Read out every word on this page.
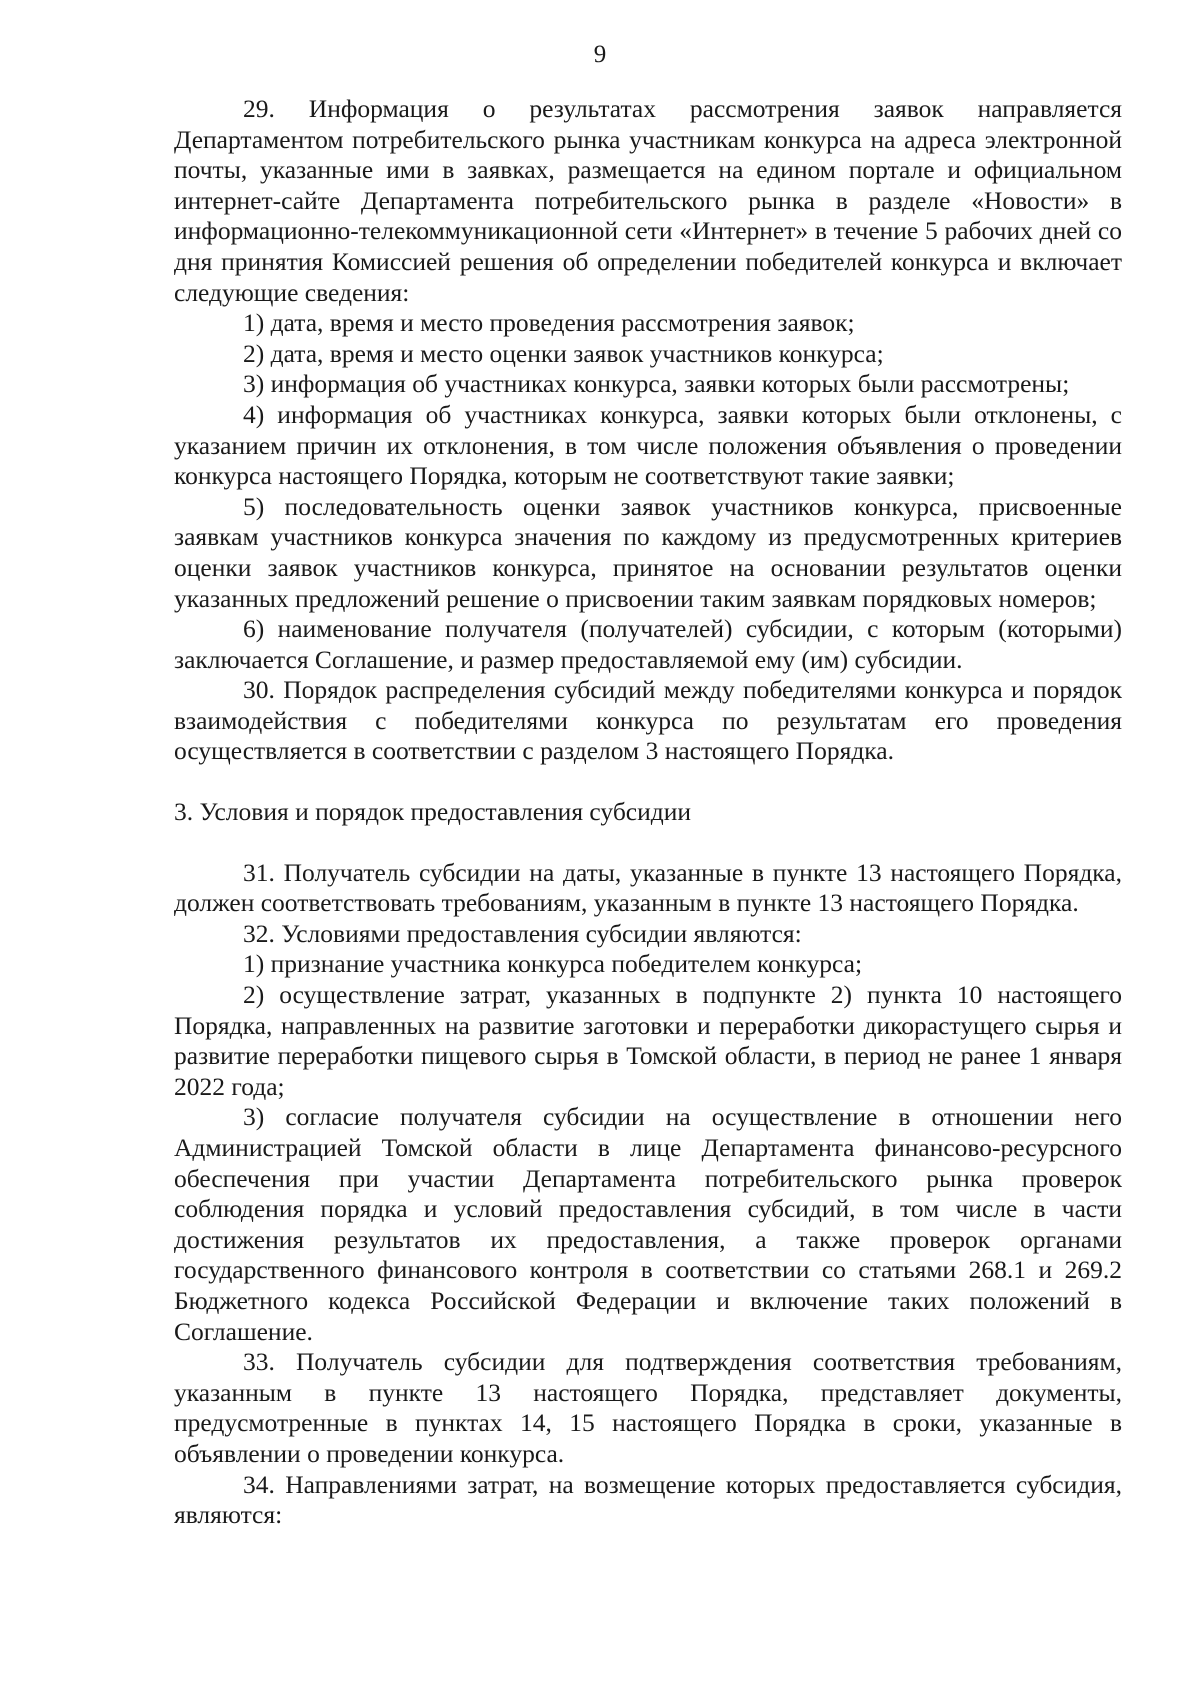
9

29. Информация о результатах рассмотрения заявок направляется Департаментом потребительского рынка участникам конкурса на адреса электронной почты, указанные ими в заявках, размещается на едином портале и официальном интернет-сайте Департамента потребительского рынка в разделе «Новости» в информационно-телекоммуникационной сети «Интернет» в течение 5 рабочих дней со дня принятия Комиссией решения об определении победителей конкурса и включает следующие сведения:

1) дата, время и место проведения рассмотрения заявок;

2) дата, время и место оценки заявок участников конкурса;

3) информация об участниках конкурса, заявки которых были рассмотрены;

4) информация об участниках конкурса, заявки которых были отклонены, с указанием причин их отклонения, в том числе положения объявления о проведении конкурса настоящего Порядка, которым не соответствуют такие заявки;

5) последовательность оценки заявок участников конкурса, присвоенные заявкам участников конкурса значения по каждому из предусмотренных критериев оценки заявок участников конкурса, принятое на основании результатов оценки указанных предложений решение о присвоении таким заявкам порядковых номеров;

6) наименование получателя (получателей) субсидии, с которым (которыми) заключается Соглашение, и размер предоставляемой ему (им) субсидии.

30. Порядок распределения субсидий между победителями конкурса и порядок взаимодействия с победителями конкурса по результатам его проведения осуществляется в соответствии с разделом 3 настоящего Порядка.

3. Условия и порядок предоставления субсидии

31. Получатель субсидии на даты, указанные в пункте 13 настоящего Порядка, должен соответствовать требованиям, указанным в пункте 13 настоящего Порядка.

32. Условиями предоставления субсидии являются:

1) признание участника конкурса победителем конкурса;

2) осуществление затрат, указанных в подпункте 2) пункта 10 настоящего Порядка, направленных на развитие заготовки и переработки дикорастущего сырья и развитие переработки пищевого сырья в Томской области, в период не ранее 1 января 2022 года;

3) согласие получателя субсидии на осуществление в отношении него Администрацией Томской области в лице Департамента финансово-ресурсного обеспечения при участии Департамента потребительского рынка проверок соблюдения порядка и условий предоставления субсидий, в том числе в части достижения результатов их предоставления, а также проверок органами государственного финансового контроля в соответствии со статьями 268.1 и 269.2 Бюджетного кодекса Российской Федерации и включение таких положений в Соглашение.

33. Получатель субсидии для подтверждения соответствия требованиям, указанным в пункте 13 настоящего Порядка, представляет документы, предусмотренные в пунктах 14, 15 настоящего Порядка в сроки, указанные в объявлении о проведении конкурса.

34. Направлениями затрат, на возмещение которых предоставляется субсидия, являются:
